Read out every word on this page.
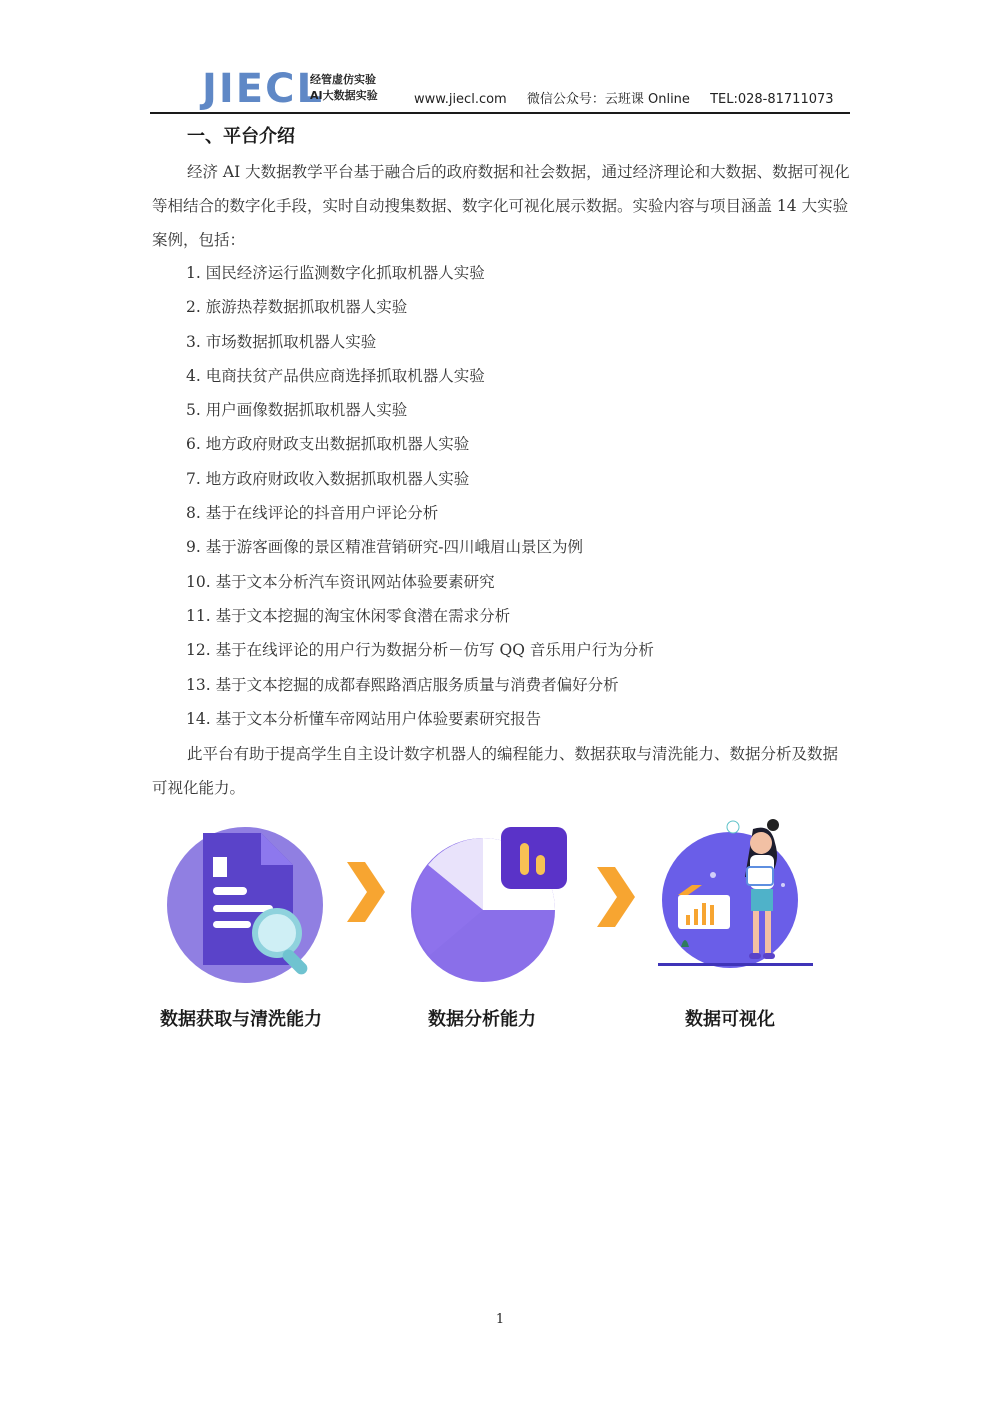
JIECL
经管虚仿实验
AI大数据实验	www.jiecl.com 微信公众号：云班课 Online TEL:028-81711073
一、平台介绍
经济 AI 大数据教学平台基于融合后的政府数据和社会数据，通过经济理论和大数据、数据可视化等相结合的数字化手段，实时自动搜集数据、数字化可视化展示数据。实验内容与项目涵盖 14 大实验案例，包括：
1. 国民经济运行监测数字化抓取机器人实验
2. 旅游热荐数据抓取机器人实验
3. 市场数据抓取机器人实验
4. 电商扶贫产品供应商选择抓取机器人实验
5. 用户画像数据抓取机器人实验
6. 地方政府财政支出数据抓取机器人实验
7. 地方政府财政收入数据抓取机器人实验
8. 基于在线评论的抖音用户评论分析
9. 基于游客画像的景区精准营销研究-四川峨眉山景区为例
10. 基于文本分析汽车资讯网站体验要素研究
11. 基于文本挖掘的淘宝休闲零食潜在需求分析
12. 基于在线评论的用户行为数据分析－仿写 QQ 音乐用户行为分析
13. 基于文本挖掘的成都春熙路酒店服务质量与消费者偏好分析
14. 基于文本分析懂车帝网站用户体验要素研究报告
此平台有助于提高学生自主设计数字机器人的编程能力、数据获取与清洗能力、数据分析及数据可视化能力。
数据获取与清洗能力	数据分析能力	数据可视化
1
